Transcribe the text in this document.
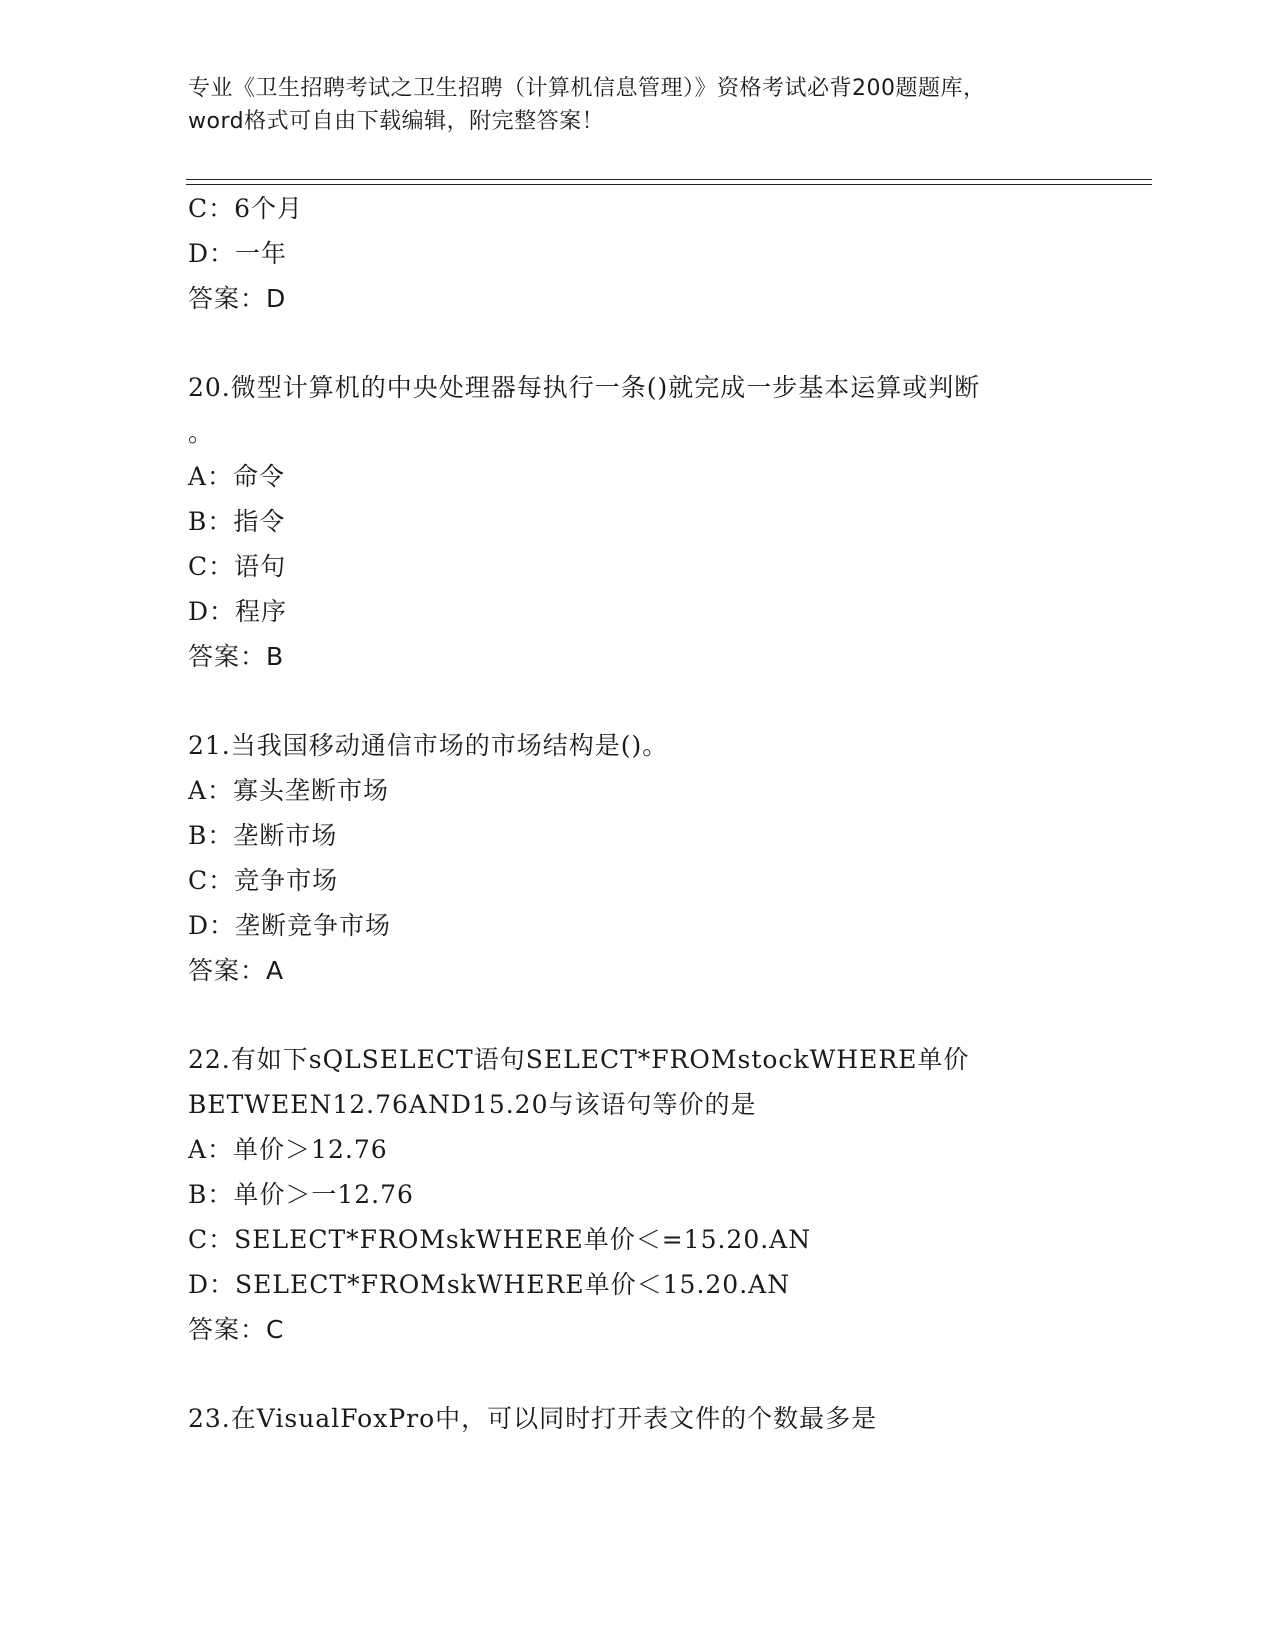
专业《卫生招聘考试之卫生招聘（计算机信息管理）》资格考试必背200题题库，
word格式可自由下载编辑，附完整答案！
C：6个月
D：一年
答案：D
20.微型计算机的中央处理器每执行一条()就完成一步基本运算或判断
。
A：命令
B：指令
C：语句
D：程序
答案：B
21.当我国移动通信市场的市场结构是()。
A：寡头垄断市场
B：垄断市场
C：竞争市场
D：垄断竞争市场
答案：A
22.有如下sQLSELECT语句SELECT*FROMstockWHERE单价
BETWEEN12.76AND15.20与该语句等价的是
A：单价＞12.76
B：单价＞一12.76
C：SELECT*FROMskWHERE单价＜=15.20.AN
D：SELECT*FROMskWHERE单价＜15.20.AN
答案：C
23.在VisualFoxPro中，可以同时打开表文件的个数最多是
